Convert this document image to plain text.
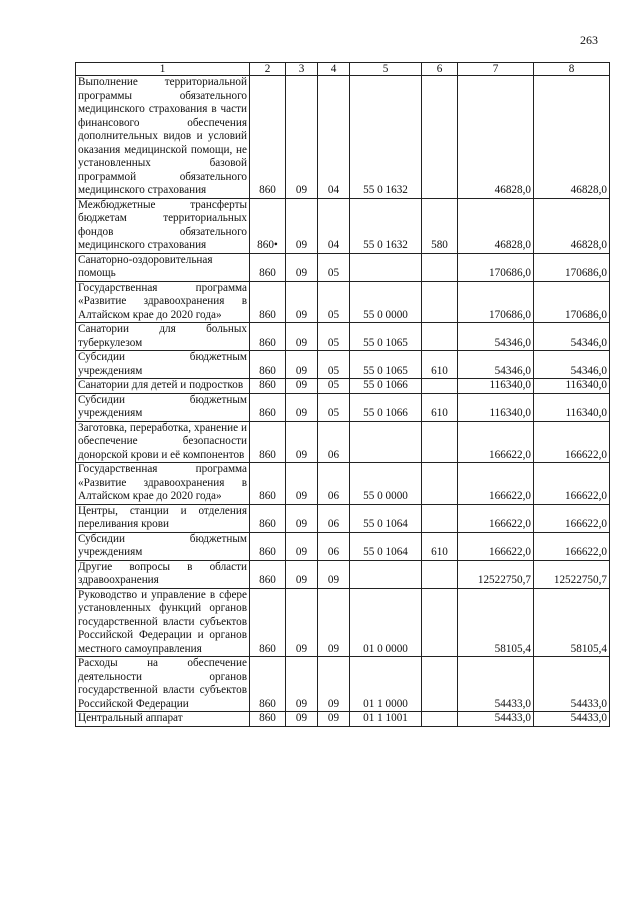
263
1	2	3	4	5	6	7	8
Выполнение территориальной программы обязательного медицинского страхования в части финансового обеспечения дополнительных видов и условий оказания медицинской помощи, не установленных базовой программой обязательного медицинского страхования	860	09	04	55 0 1632		46828,0	46828,0
Межбюджетные трансферты бюджетам территориальных фондов обязательного медицинского страхования	860•	09	04	55 0 1632	580	46828,0	46828,0
Санаторно-оздоровительная помощь	860	09	05			170686,0	170686,0
Государственная программа «Развитие здравоохранения в Алтайском крае до 2020 года»	860	09	05	55 0 0000		170686,0	170686,0
Санатории для больных туберкулезом	860	09	05	55 0 1065		54346,0	54346,0
Субсидии бюджетным учреждениям	860	09	05	55 0 1065	610	54346,0	54346,0
Санатории для детей и подростков	860	09	05	55 0 1066		116340,0	116340,0
Субсидии бюджетным учреждениям	860	09	05	55 0 1066	610	116340,0	116340,0
Заготовка, переработка, хранение и обеспечение безопасности донорской крови и её компонентов	860	09	06			166622,0	166622,0
Государственная программа «Развитие здравоохранения в Алтайском крае до 2020 года»	860	09	06	55 0 0000		166622,0	166622,0
Центры, станции и отделения переливания крови	860	09	06	55 0 1064		166622,0	166622,0
Субсидии бюджетным учреждениям	860	09	06	55 0 1064	610	166622,0	166622,0
Другие вопросы в области здравоохранения	860	09	09			12522750,7	12522750,7
Руководство и управление в сфере установленных функций органов государственной власти субъектов Российской Федерации и органов местного самоуправления	860	09	09	01 0 0000		58105,4	58105,4
Расходы на обеспечение деятельности органов государственной власти субъектов Российской Федерации	860	09	09	01 1 0000		54433,0	54433,0
Центральный аппарат	860	09	09	01 1 1001		54433,0	54433,0
